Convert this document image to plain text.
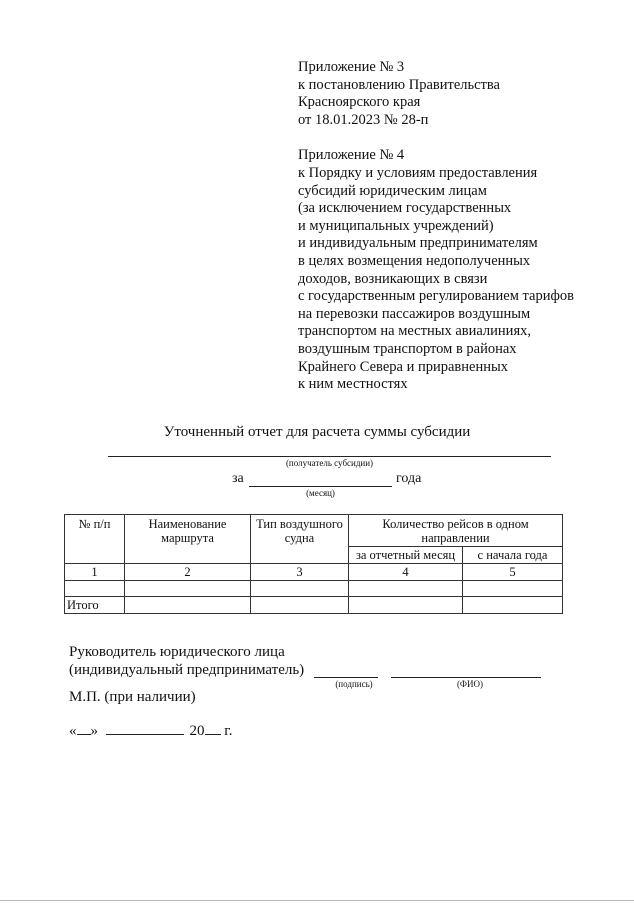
Приложение № 3
к постановлению Правительства
Красноярского края
от 18.01.2023 № 28-п
Приложение № 4
к Порядку и условиям предоставления
субсидий юридическим лицам
(за исключением государственных
и муниципальных учреждений)
и индивидуальным предпринимателям
в целях возмещения недополученных
доходов, возникающих в связи
с государственным регулированием тарифов
на перевозки пассажиров воздушным
транспортом на местных авиалиниях,
воздушным транспортом в районах
Крайнего Севера и приравненных
к ним местностях
Уточненный отчет для расчета суммы субсидии
(получатель субсидии)
за	года
(месяц)
№ п/п	Наименование маршрута	Тип воздушного судна	Количество рейсов в одном направлении	
			за отчетный месяц	с начала года
1	2	3	4	5

Итого				
Руководитель юридического лица
(индивидуальный предприниматель)
(подпись)	(ФИО)
М.П. (при наличии)
« »	20 г.
